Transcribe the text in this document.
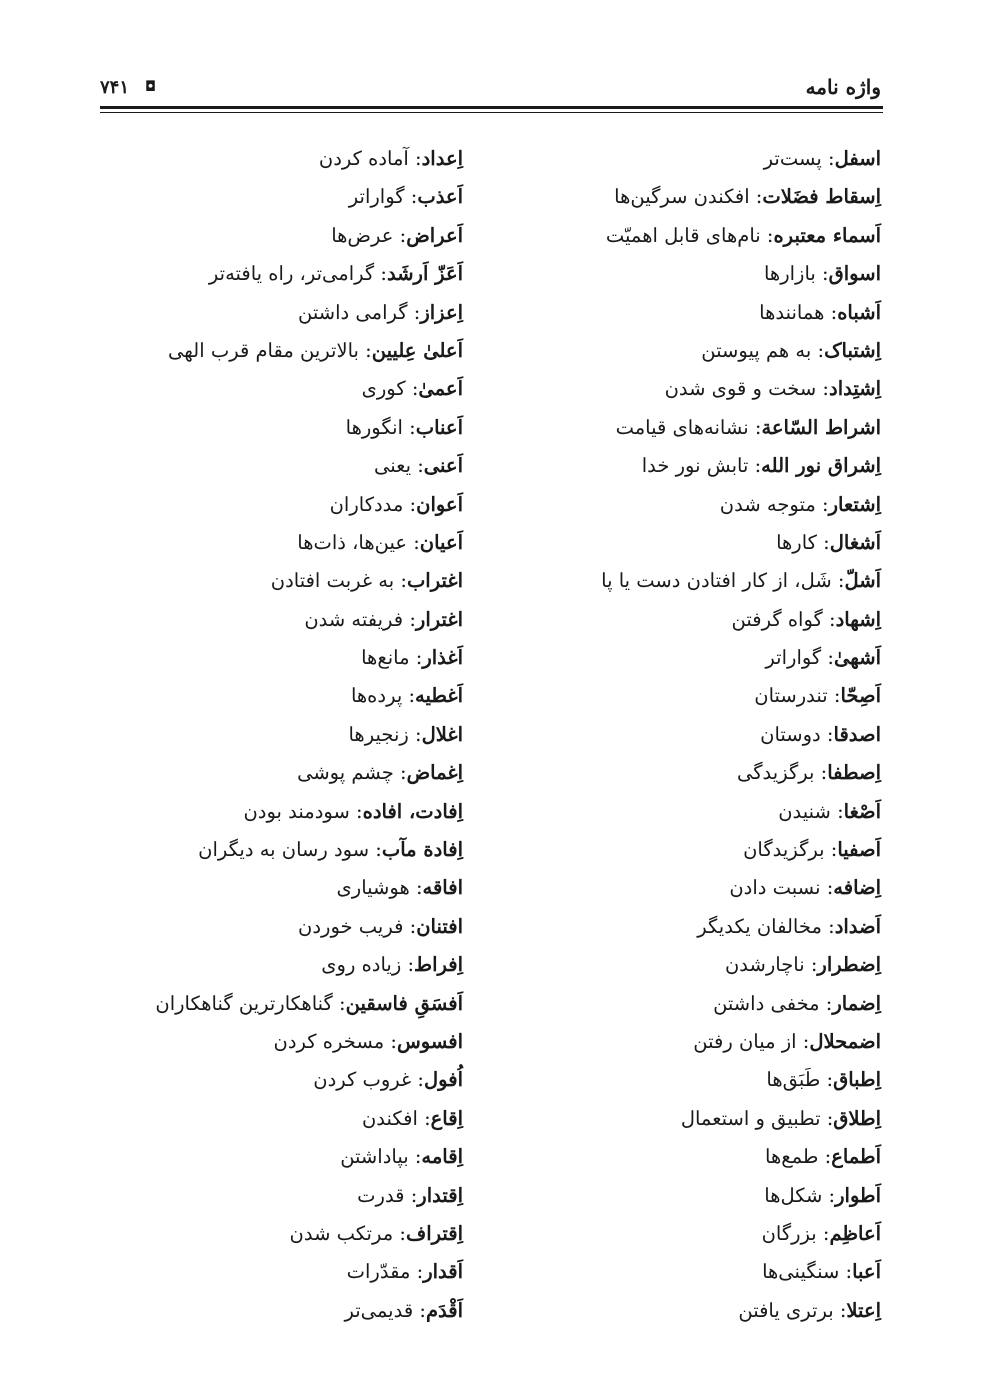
واژه نامه
◘
۷۴۱
اسفل: پست‌تر
اِسقاط فضَلات: افکندن سرگین‌ها
اَسماء معتبره: نام‌های قابل اهمیّت
اسواق: بازارها
اَشباه: همانندها
اِشتباک: به هم پیوستن
اِشتِداد: سخت و قوی شدن
اشراط السّاعة: نشانه‌های قیامت
اِشراق نور الله: تابش نور خدا
اِشتعار: متوجه شدن
اَشغال: کارها
اَشلّ: شَل، از کار افتادن دست یا پا
اِشهاد: گواه گرفتن
اَشهیٰ: گواراتر
اَصِحّا: تندرستان
اصدقا: دوستان
اِصطفا: برگزیدگی
اَصْغا: شنیدن
اَصفیا: برگزیدگان
اِضافه: نسبت دادن
اَضداد: مخالفان یکدیگر
اِضطرار: ناچارشدن
اِضمار: مخفی داشتن
اضمحلال: از میان رفتن
اِطباق: طَبَق‌ها
اِطلاق: تطبیق و استعمال
اَطماع: طمع‌ها
اَطوار: شکل‌ها
اَعاظِم: بزرگان
اَعبا: سنگینی‌ها
اِعتلا: برتری یافتن
اِعداد: آماده کردن
اَعذب: گواراتر
اَعراض: عرض‌ها
اَعَزّ اَرشَد: گرامی‌تر، راه یافته‌تر
اِعزاز: گرامی داشتن
اَعلیٰ عِلیین: بالاترین مقام قرب الهی
اَعمیٰ: کوری
اَعناب: انگورها
اَعنی: یعنی
اَعوان: مددکاران
اَعیان: عین‌ها، ذات‌ها
اغتراب: به غربت افتادن
اغترار: فریفته شدن
اَغذار: مانع‌ها
اَغطیه: پرده‌ها
اغلال: زنجیرها
اِغماض: چشم پوشی
اِفادت، افاده: سودمند بودن
اِفادة مآب: سود رسان به دیگران
افاقه: هوشیاری
افتنان: فریب خوردن
اِفراط: زیاده روی
اَفسَقِ فاسقین: گناهکارترین گناهکاران
افسوس: مسخره کردن
اُفول: غروب کردن
اِقاع: افکندن
اِقامه: بپاداشتن
اِقتدار: قدرت
اِقتراف: مرتکب شدن
اَقدار: مقدّرات
اَقْدَم: قدیمی‌تر
